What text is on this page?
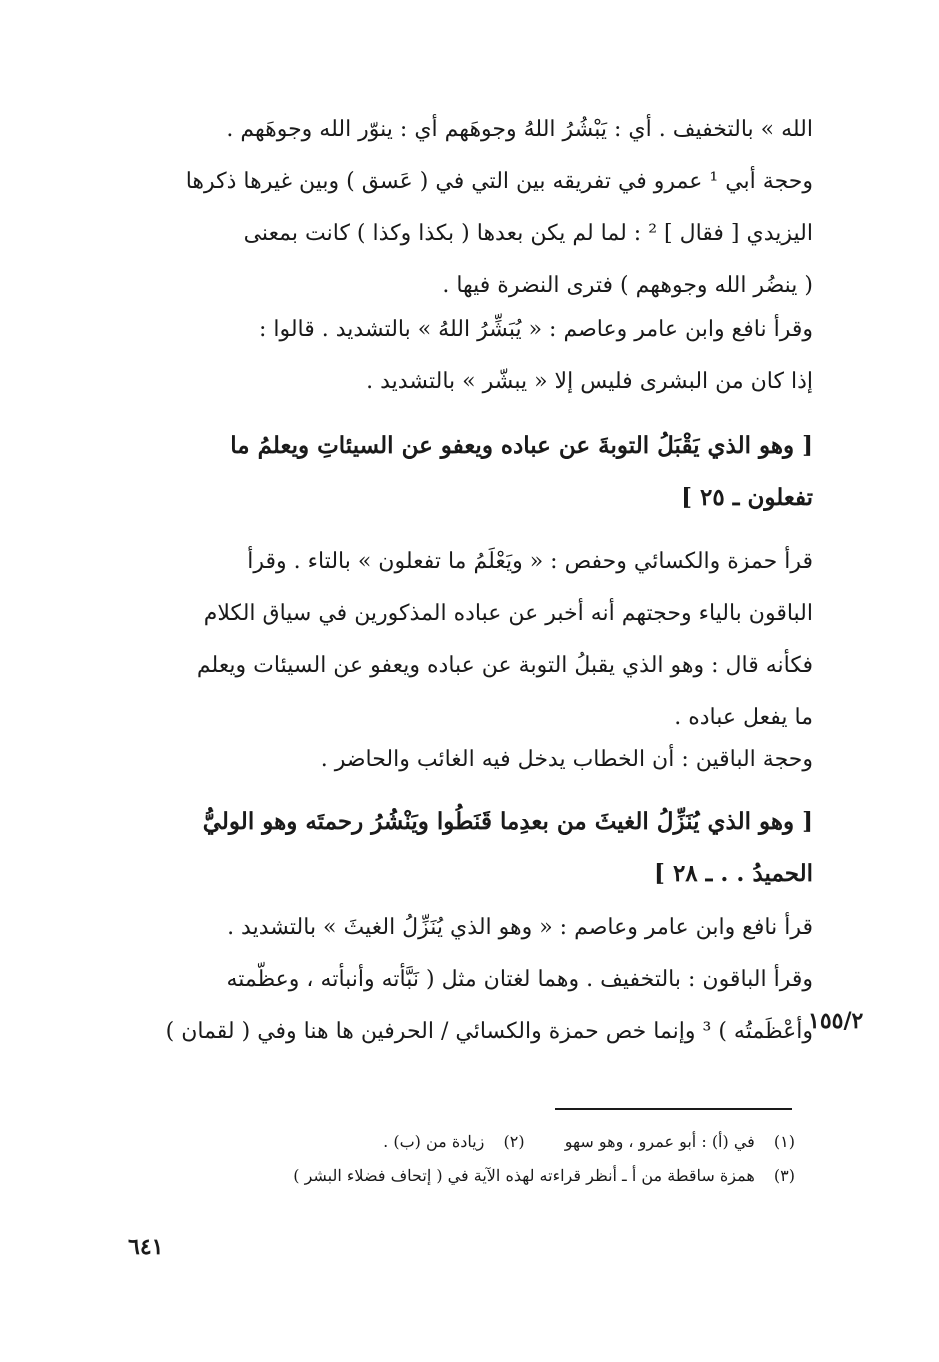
الله » بالتخفيف . أي : يَبْشُرُ اللهُ وجوهَهم أي : ينوّر الله وجوهَهم .
وحجة أبي ¹ عمرو في تفريقه بين التي في ( عَسق ) وبين غيرها ذكرها
اليزيدي [ فقال ] ² : لما لم يكن بعدها ( بكذا وكذا ) كانت بمعنى
( ينضُر الله وجوههم ) فترى النضرة فيها .
وقرأ نافع وابن عامر وعاصم : « يُبَشِّرُ اللهُ » بالتشديد . قالوا :
إذا كان من البشرى فليس إلا « يبشّر » بالتشديد .
[ وهو الذي يَقْبَلُ التوبةَ عن عباده ويعفو عن السيئاتِ ويعلمُ ما
تفعلون ـ ٢٥ ]
قرأ حمزة والكسائي وحفص : « ويَعْلَمُ ما تفعلون » بالتاء . وقرأ
الباقون بالياء وحجتهم أنه أخبر عن عباده المذكورين في سياق الكلام
فكأنه قال : وهو الذي يقبلُ التوبة عن عباده ويعفو عن السيئات ويعلم
ما يفعل عباده .
وحجة الباقين : أن الخطاب يدخل فيه الغائب والحاضر .
[ وهو الذي يُنَزِّلُ الغيثَ من بعدِما قَنَطُوا ويَنْشُرُ رحمتَه وهو الوليُّ
الحميدُ . . ـ ٢٨ ]
قرأ نافع وابن عامر وعاصم : « وهو الذي يُنَزِّلُ الغيثَ » بالتشديد .
وقرأ الباقون : بالتخفيف . وهما لغتان مثل ( نَبَّأته وأنبأته ، وعظّمته
وأعْظَمتُه ) ³ وإنما خص حمزة والكسائي / الحرفين ها هنا وفي ( لقمان )
١٥٥/٢
(١) في (أ) : أبو عمرو ، وهو سهو  (٢) زيادة من (ب) .
(٣) همزة ساقطة من أ ـ أنظر قراءته لهذه الآية في ( إتحاف فضلاء البشر )
٦٤١
